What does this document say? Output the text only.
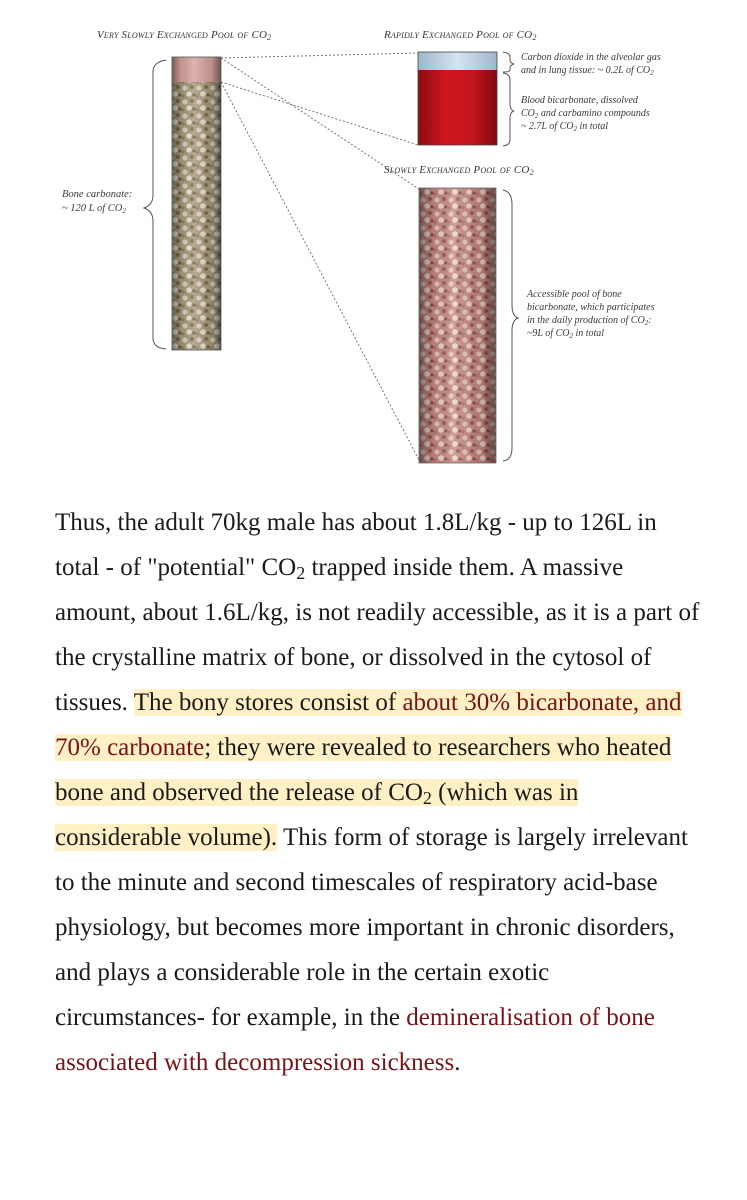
Very Slowly Exchanged Pool of $CO_2$	Rapidly Exchanged Pool of $CO_2$
Slowly Exchanged Pool of $CO_2$
Bone carbonate:
~ 120 L of $CO_2$
Carbon dioxide in the alveolar gas
and in lung tissue: ~ 0.2L of $CO_2$
Blood bicarbonate, dissolved
$CO_2$ and carbamino compounds
~ 2.7L of $CO_2$ in total
Accessible pool of bone
bicarbonate, which participates
in the daily production of $CO_2$:
~9L of $CO_2$ in total

Thus, the adult 70kg male has about 1.8L/kg - up to 126L in total - of "potential" $CO_2$ trapped inside them. A massive amount, about 1.6L/kg, is not readily accessible, as it is a part of the crystalline matrix of bone, or dissolved in the cytosol of tissues. The bony stores consist of about 30% bicarbonate, and 70% carbonate; they were revealed to researchers who heated bone and observed the release of $CO_2$ (which was in considerable volume). This form of storage is largely irrelevant to the minute and second timescales of respiratory acid-base physiology, but becomes more important in chronic disorders, and plays a considerable role in the certain exotic circumstances- for example, in the demineralisation of bone associated with decompression sickness.
